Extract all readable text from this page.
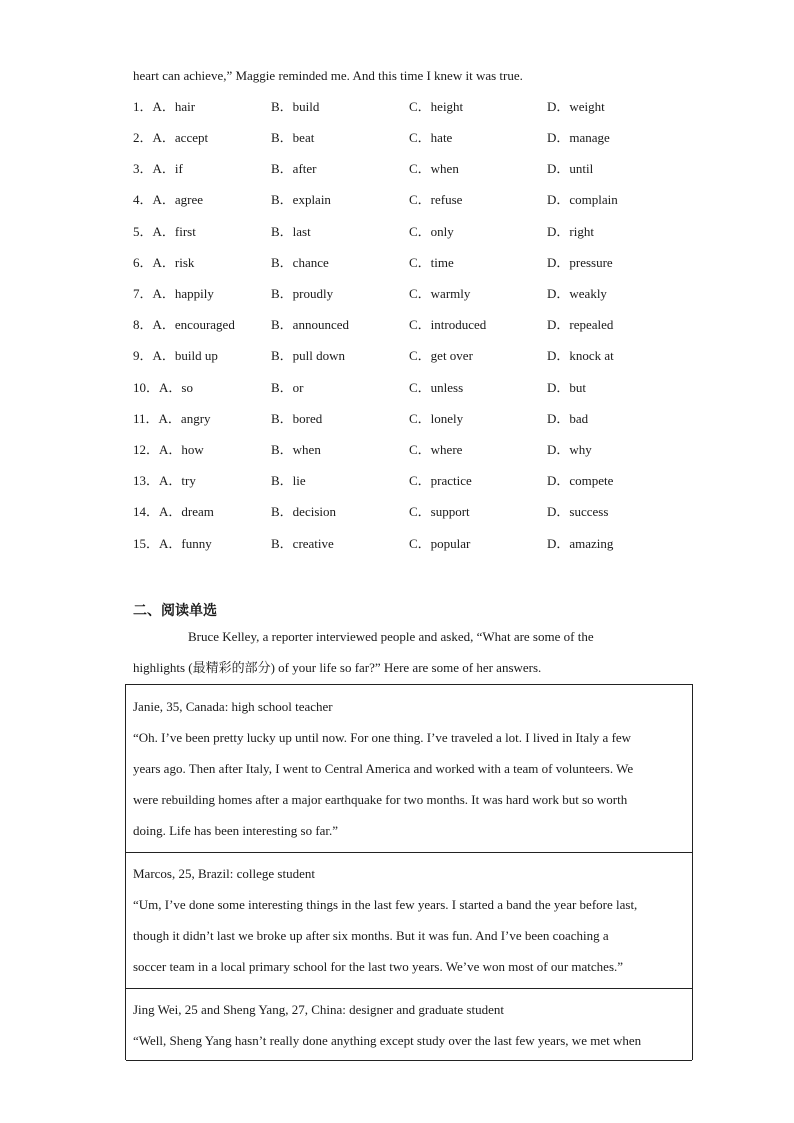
heart can achieve,” Maggie reminded me. And this time I knew it was true.
1．A．hair	B．build	C．height	D．weight
2．A．accept	B．beat	C．hate	D．manage
3．A．if	B．after	C．when	D．until
4．A．agree	B．explain	C．refuse	D．complain
5．A．first	B．last	C．only	D．right
6．A．risk	B．chance	C．time	D．pressure
7．A．happily	B．proudly	C．warmly	D．weakly
8．A．encouraged	B．announced	C．introduced	D．repealed
9．A．build up	B．pull down	C．get over	D．knock at
10．A．so	B．or	C．unless	D．but
11．A．angry	B．bored	C．lonely	D．bad
12．A．how	B．when	C．where	D．why
13．A．try	B．lie	C．practice	D．compete
14．A．dream	B．decision	C．support	D．success
15．A．funny	B．creative	C．popular	D．amazing
二、阅读单选
Bruce Kelley, a reporter interviewed people and asked, “What are some of the
highlights (最精彩的部分) of your life so far?” Here are some of her answers.
Janie, 35, Canada: high school teacher
“Oh. I’ve been pretty lucky up until now. For one thing. I’ve traveled a lot. I lived in Italy a few
years ago. Then after Italy, I went to Central America and worked with a team of volunteers. We
were rebuilding homes after a major earthquake for two months. It was hard work but so worth
doing. Life has been interesting so far.”
Marcos, 25, Brazil: college student
“Um, I’ve done some interesting things in the last few years. I started a band the year before last,
though it didn’t last we broke up after six months. But it was fun. And I’ve been coaching a
soccer team in a local primary school for the last two years. We’ve won most of our matches.”
Jing Wei, 25 and Sheng Yang, 27, China: designer and graduate student
“Well, Sheng Yang hasn’t really done anything except study over the last few years, we met when
